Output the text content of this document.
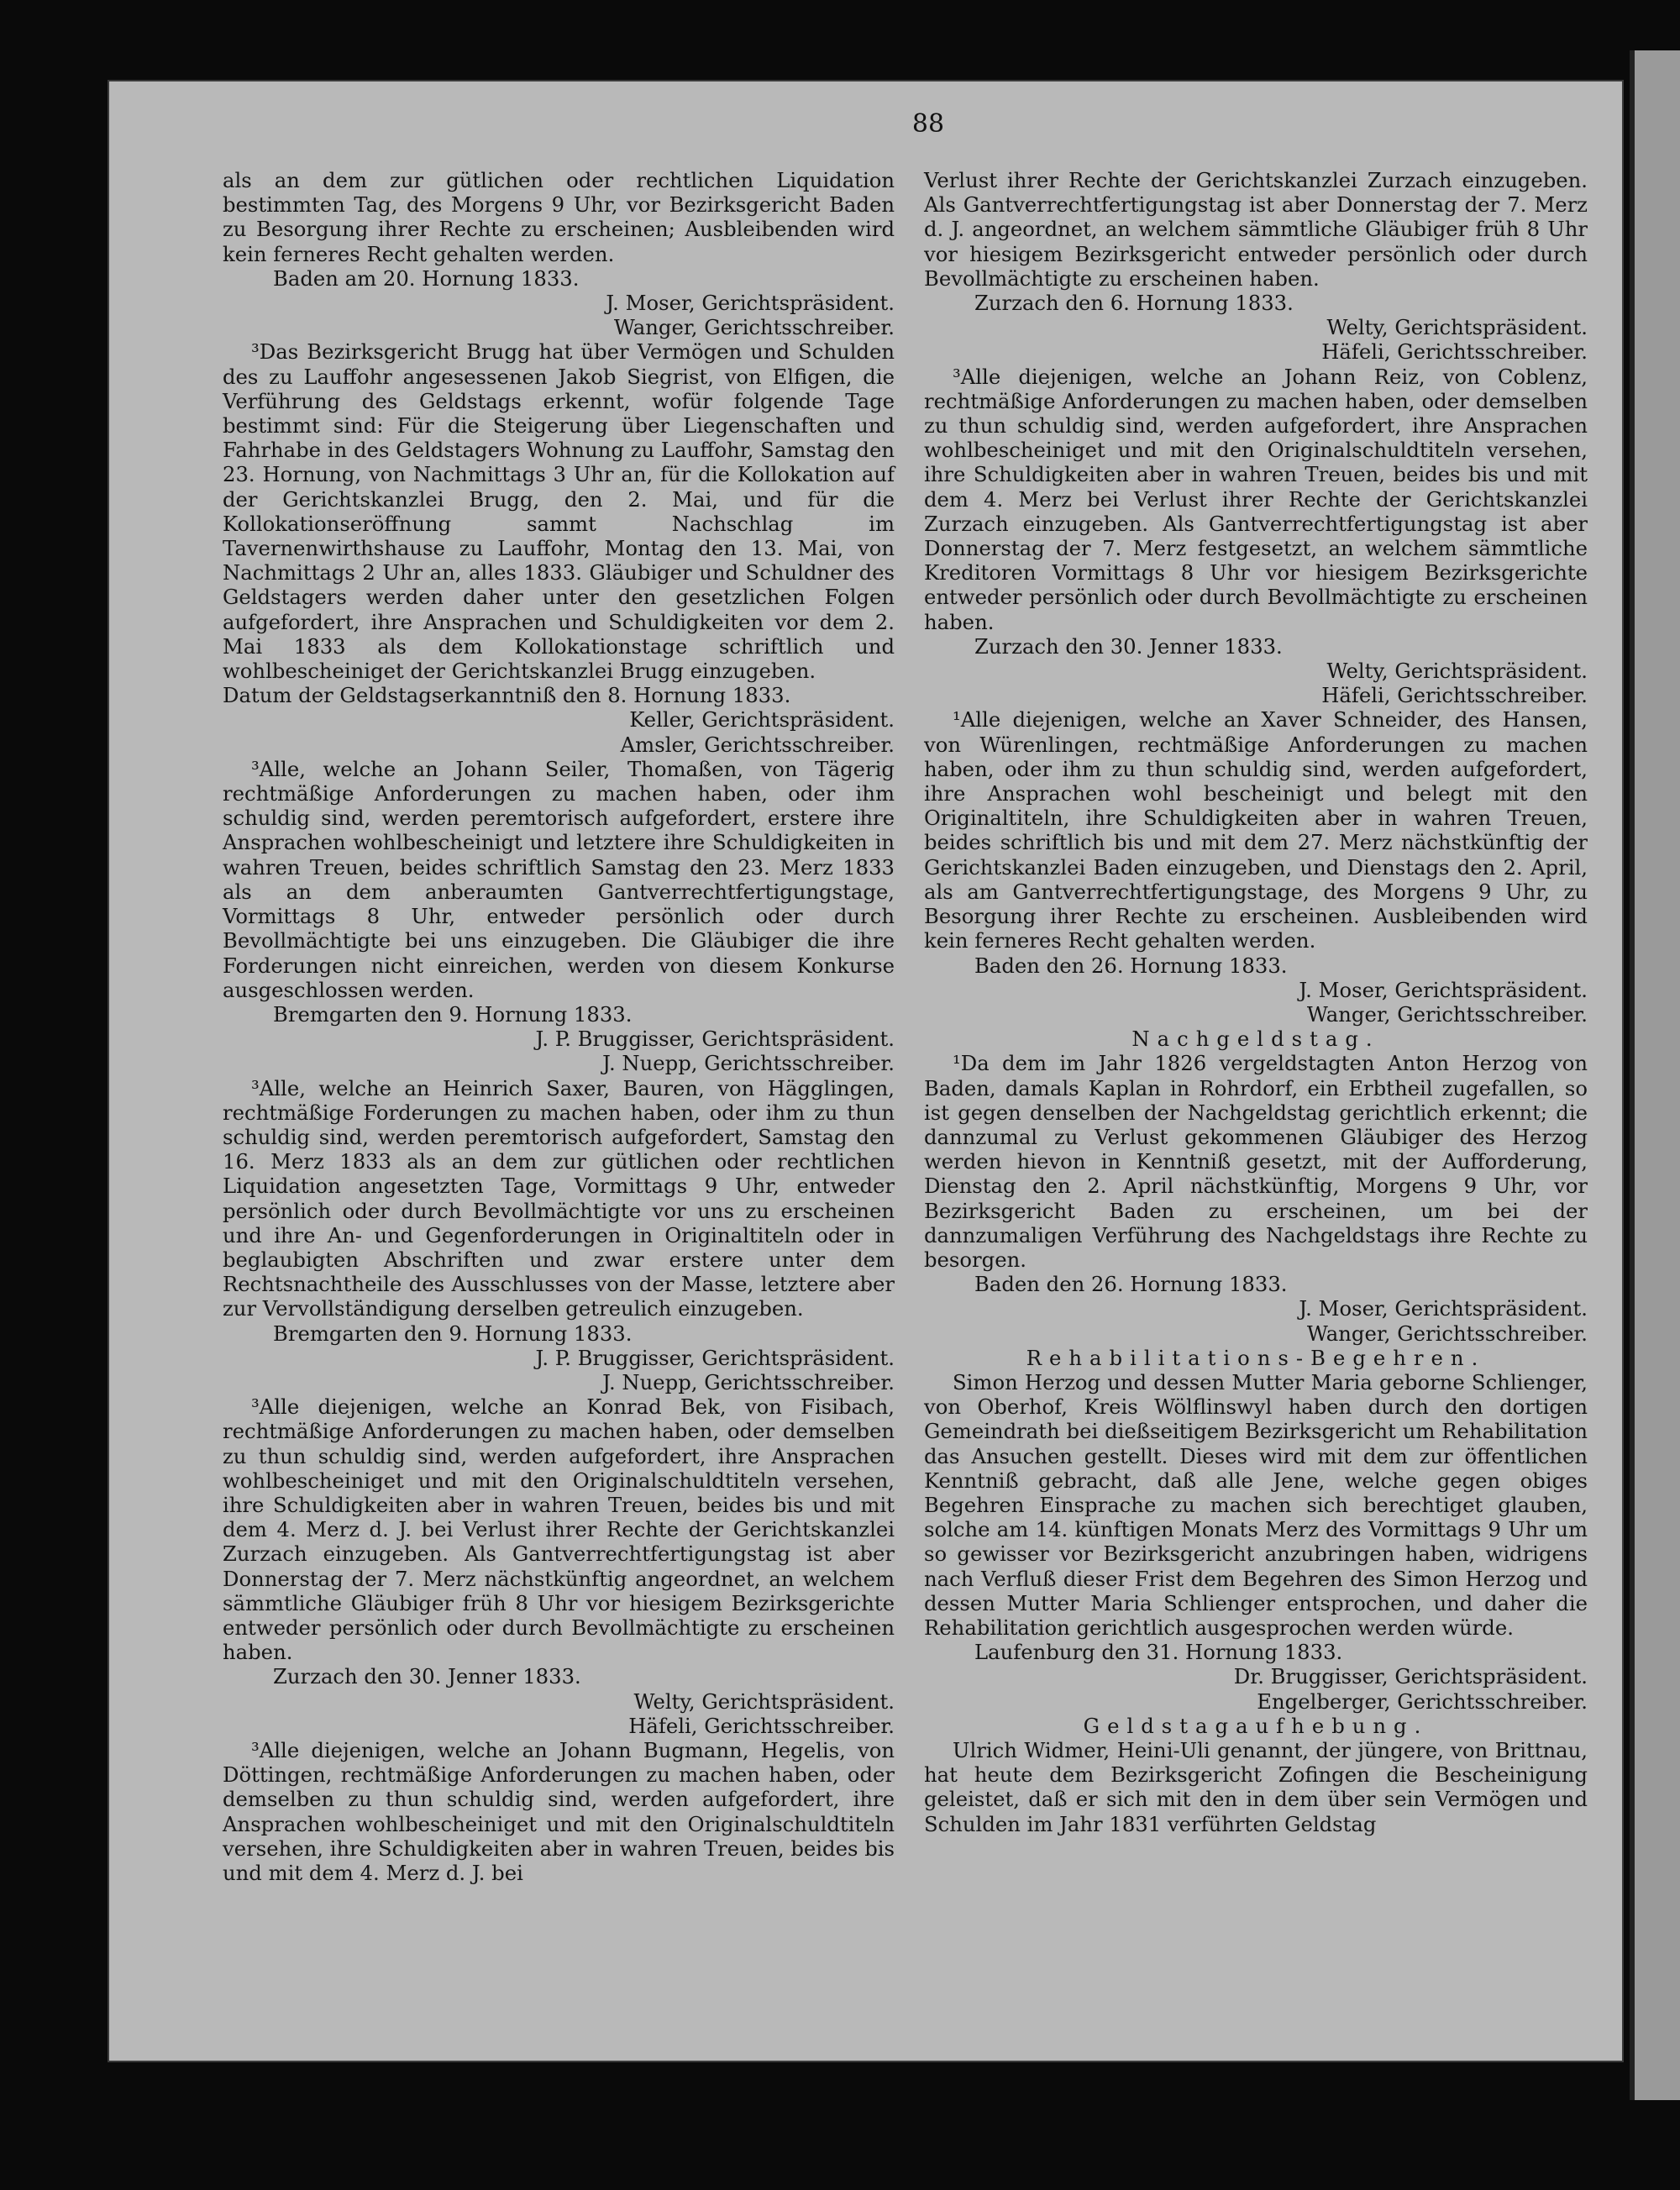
88

als an dem zur gütlichen oder rechtlichen Liquidation bestimmten Tag, des Morgens 9 Uhr, vor Bezirksgericht Baden zu Besorgung ihrer Rechte zu erscheinen; Ausbleibenden wird kein ferneres Recht gehalten werden.

Baden am 20. Hornung 1833.

J. Moser, Gerichtspräsident.

Wanger, Gerichtsschreiber.

³Das Bezirksgericht Brugg hat über Vermögen und Schulden des zu Lauffohr angesessenen Jakob Siegrist, von Elfigen, die Verführung des Geldstags erkennt, wofür folgende Tage bestimmt sind: Für die Steigerung über Liegenschaften und Fahrhabe in des Geldstagers Wohnung zu Lauffohr, Samstag den 23. Hornung, von Nachmittags 3 Uhr an, für die Kollokation auf der Gerichtskanzlei Brugg, den 2. Mai, und für die Kollokationseröffnung sammt Nachschlag im Tavernenwirthshause zu Lauffohr, Montag den 13. Mai, von Nachmittags 2 Uhr an, alles 1833. Gläubiger und Schuldner des Geldstagers werden daher unter den gesetzlichen Folgen aufgefordert, ihre Ansprachen und Schuldigkeiten vor dem 2. Mai 1833 als dem Kollokationstage schriftlich und wohlbescheiniget der Gerichtskanzlei Brugg einzugeben.

Datum der Geldstagserkanntniß den 8. Hornung 1833.

Keller, Gerichtspräsident.

Amsler, Gerichtsschreiber.

³Alle, welche an Johann Seiler, Thomaßen, von Tägerig rechtmäßige Anforderungen zu machen haben, oder ihm schuldig sind, werden peremtorisch aufgefordert, erstere ihre Ansprachen wohlbescheinigt und letztere ihre Schuldigkeiten in wahren Treuen, beides schriftlich Samstag den 23. Merz 1833 als an dem anberaumten Gantverrechtfertigungstage, Vormittags 8 Uhr, entweder persönlich oder durch Bevollmächtigte bei uns einzugeben. Die Gläubiger die ihre Forderungen nicht einreichen, werden von diesem Konkurse ausgeschlossen werden.

Bremgarten den 9. Hornung 1833.

J. P. Bruggisser, Gerichtspräsident.

J. Nuepp, Gerichtsschreiber.

³Alle, welche an Heinrich Saxer, Bauren, von Hägglingen, rechtmäßige Forderungen zu machen haben, oder ihm zu thun schuldig sind, werden peremtorisch aufgefordert, Samstag den 16. Merz 1833 als an dem zur gütlichen oder rechtlichen Liquidation angesetzten Tage, Vormittags 9 Uhr, entweder persönlich oder durch Bevollmächtigte vor uns zu erscheinen und ihre An- und Gegenforderungen in Originaltiteln oder in beglaubigten Abschriften und zwar erstere unter dem Rechtsnachtheile des Ausschlusses von der Masse, letztere aber zur Vervollständigung derselben getreulich einzugeben.

Bremgarten den 9. Hornung 1833.

J. P. Bruggisser, Gerichtspräsident.

J. Nuepp, Gerichtsschreiber.

³Alle diejenigen, welche an Konrad Bek, von Fisibach, rechtmäßige Anforderungen zu machen haben, oder demselben zu thun schuldig sind, werden aufgefordert, ihre Ansprachen wohlbescheiniget und mit den Originalschuldtiteln versehen, ihre Schuldigkeiten aber in wahren Treuen, beides bis und mit dem 4. Merz d. J. bei Verlust ihrer Rechte der Gerichtskanzlei Zurzach einzugeben. Als Gantverrechtfertigungstag ist aber Donnerstag der 7. Merz nächstkünftig angeordnet, an welchem sämmtliche Gläubiger früh 8 Uhr vor hiesigem Bezirksgerichte entweder persönlich oder durch Bevollmächtigte zu erscheinen haben.

Zurzach den 30. Jenner 1833.

Welty, Gerichtspräsident.

Häfeli, Gerichtsschreiber.

³Alle diejenigen, welche an Johann Bugmann, Hegelis, von Döttingen, rechtmäßige Anforderungen zu machen haben, oder demselben zu thun schuldig sind, werden aufgefordert, ihre Ansprachen wohlbescheiniget und mit den Originalschuldtiteln versehen, ihre Schuldigkeiten aber in wahren Treuen, beides bis und mit dem 4. Merz d. J. bei

Verlust ihrer Rechte der Gerichtskanzlei Zurzach einzugeben. Als Gantverrechtfertigungstag ist aber Donnerstag der 7. Merz d. J. angeordnet, an welchem sämmtliche Gläubiger früh 8 Uhr vor hiesigem Bezirksgericht entweder persönlich oder durch Bevollmächtigte zu erscheinen haben.

Zurzach den 6. Hornung 1833.

Welty, Gerichtspräsident.

Häfeli, Gerichtsschreiber.

³Alle diejenigen, welche an Johann Reiz, von Coblenz, rechtmäßige Anforderungen zu machen haben, oder demselben zu thun schuldig sind, werden aufgefordert, ihre Ansprachen wohlbescheiniget und mit den Originalschuldtiteln versehen, ihre Schuldigkeiten aber in wahren Treuen, beides bis und mit dem 4. Merz bei Verlust ihrer Rechte der Gerichtskanzlei Zurzach einzugeben. Als Gantverrechtfertigungstag ist aber Donnerstag der 7. Merz festgesetzt, an welchem sämmtliche Kreditoren Vormittags 8 Uhr vor hiesigem Bezirksgerichte entweder persönlich oder durch Bevollmächtigte zu erscheinen haben.

Zurzach den 30. Jenner 1833.

Welty, Gerichtspräsident.

Häfeli, Gerichtsschreiber.

¹Alle diejenigen, welche an Xaver Schneider, des Hansen, von Würenlingen, rechtmäßige Anforderungen zu machen haben, oder ihm zu thun schuldig sind, werden aufgefordert, ihre Ansprachen wohl bescheinigt und belegt mit den Originaltiteln, ihre Schuldigkeiten aber in wahren Treuen, beides schriftlich bis und mit dem 27. Merz nächstkünftig der Gerichtskanzlei Baden einzugeben, und Dienstags den 2. April, als am Gantverrechtfertigungstage, des Morgens 9 Uhr, zu Besorgung ihrer Rechte zu erscheinen. Ausbleibenden wird kein ferneres Recht gehalten werden.

Baden den 26. Hornung 1833.

J. Moser, Gerichtspräsident.

Wanger, Gerichtsschreiber.

Nachgeldstag.

¹Da dem im Jahr 1826 vergeldstagten Anton Herzog von Baden, damals Kaplan in Rohrdorf, ein Erbtheil zugefallen, so ist gegen denselben der Nachgeldstag gerichtlich erkennt; die dannzumal zu Verlust gekommenen Gläubiger des Herzog werden hievon in Kenntniß gesetzt, mit der Aufforderung, Dienstag den 2. April nächstkünftig, Morgens 9 Uhr, vor Bezirksgericht Baden zu erscheinen, um bei der dannzumaligen Verführung des Nachgeldstags ihre Rechte zu besorgen.

Baden den 26. Hornung 1833.

J. Moser, Gerichtspräsident.

Wanger, Gerichtsschreiber.

Rehabilitations-Begehren.

Simon Herzog und dessen Mutter Maria geborne Schlienger, von Oberhof, Kreis Wölflinswyl haben durch den dortigen Gemeindrath bei dießseitigem Bezirksgericht um Rehabilitation das Ansuchen gestellt. Dieses wird mit dem zur öffentlichen Kenntniß gebracht, daß alle Jene, welche gegen obiges Begehren Einsprache zu machen sich berechtiget glauben, solche am 14. künftigen Monats Merz des Vormittags 9 Uhr um so gewisser vor Bezirksgericht anzubringen haben, widrigens nach Verfluß dieser Frist dem Begehren des Simon Herzog und dessen Mutter Maria Schlienger entsprochen, und daher die Rehabilitation gerichtlich ausgesprochen werden würde.

Laufenburg den 31. Hornung 1833.

Dr. Bruggisser, Gerichtspräsident.

Engelberger, Gerichtsschreiber.

Geldstagaufhebung.

Ulrich Widmer, Heini-Uli genannt, der jüngere, von Brittnau, hat heute dem Bezirksgericht Zofingen die Bescheinigung geleistet, daß er sich mit den in dem über sein Vermögen und Schulden im Jahr 1831 verführten Geldstag
